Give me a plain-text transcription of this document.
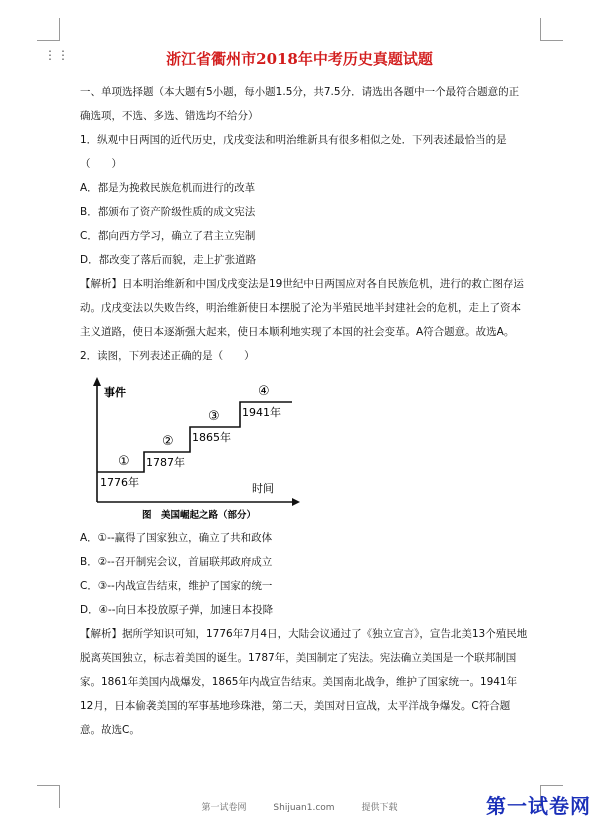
⋮⋮	浙江省衢州市2018年中考历史真题试题

一、单项选择题（本大题有5小题，每小题1.5分，共7.5分．请选出各题中一个最符合题意的正确选项，不选、多选、错选均不给分）

1．纵观中日两国的近代历史，戊戌变法和明治维新具有很多相似之处．下列表述最恰当的是（　　）

A．都是为挽救民族危机而进行的改革

B．都颁布了资产阶级性质的成文宪法

C．都向西方学习，确立了君主立宪制

D．都改变了落后而貌，走上扩张道路

【解析】日本明治维新和中国戊戌变法是19世纪中日两国应对各自民族危机，进行的救亡图存运动。戊戌变法以失败告终，明治维新使日本摆脱了沦为半殖民地半封建社会的危机，走上了资本主义道路，使日本逐渐强大起来，使日本顺利地实现了本国的社会变革。A符合题意。故选A。

2．读图，下列表述正确的是（　　）

事件
时间
①
②
③
④
1776年
1787年
1865年
1941年
图　美国崛起之路（部分）

A．①--赢得了国家独立，确立了共和政体

B．②--召开制宪会议，首届联邦政府成立

C．③--内战宣告结束，维护了国家的统一

D．④--向日本投放原子弹，加速日本投降

【解析】据所学知识可知，1776年7月4日，大陆会议通过了《独立宣言》，宣告北美13个殖民地脱离英国独立，标志着美国的诞生。1787年，美国制定了宪法。宪法确立美国是一个联邦制国家。1861年美国内战爆发，1865年内战宣告结束。美国南北战争，维护了国家统一。1941年12月，日本偷袭美国的军事基地珍珠港，第二天，美国对日宣战，太平洋战争爆发。C符合题意。故选C。

第一试卷网	Shijuan1.com	提供下载	第一试卷网
